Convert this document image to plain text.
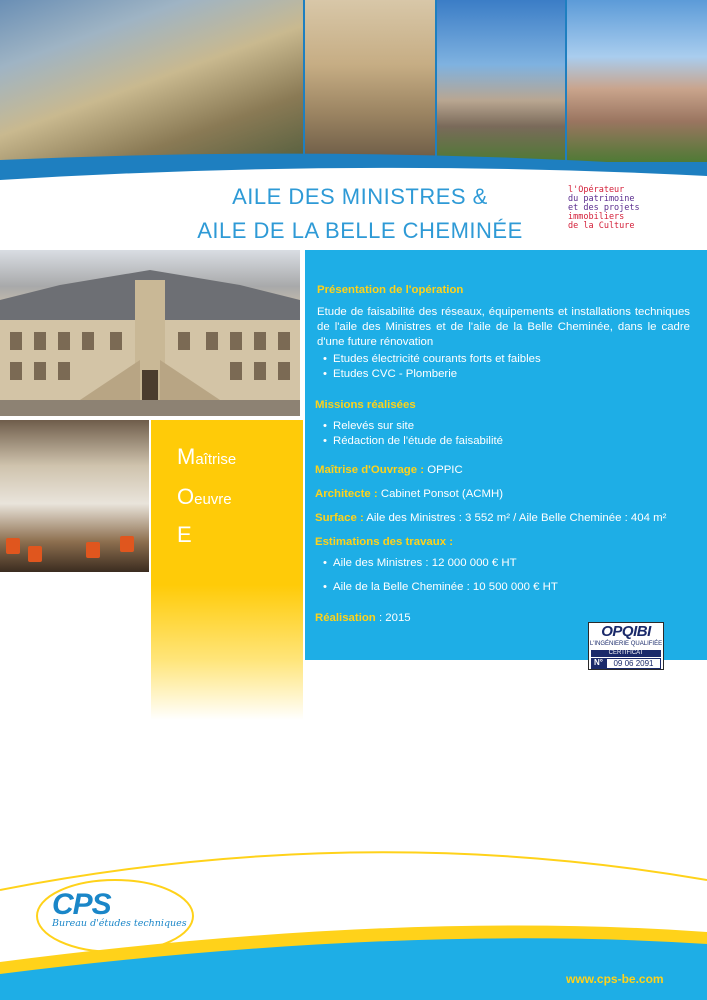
AILE DES MINISTRES &
AILE DE LA BELLE CHEMINÉE
l'Opérateur
du patrimoine
et des projets
immobiliers
de la Culture
Maîtrise
Oeuvre
E
Présentation de l'opération

Etude de faisabilité des réseaux, équipements et installations techniques de l'aile des Ministres et de l'aile de la Belle Cheminée, dans le cadre d'une future rénovation

• Etudes électricité courants forts et faibles
• Etudes CVC - Plomberie
Missions réalisées
• Relevés sur site
• Rédaction de l'étude de faisabilité
Maîtrise d'Ouvrage : OPPIC
Architecte : Cabinet Ponsot (ACMH)
Surface : Aile des Ministres : 3 552 m² / Aile Belle Cheminée : 404 m²
Estimations des travaux :
• Aile des Ministres : 12 000 000 € HT
• Aile de la Belle Cheminée : 10 500 000 € HT
Réalisation : 2015
OPQIBI
L'INGÉNIERIE QUALIFIÉE
CERTIFICAT
N°	09 06 2091
CPS
Bureau d'études techniques
www.cps-be.com
